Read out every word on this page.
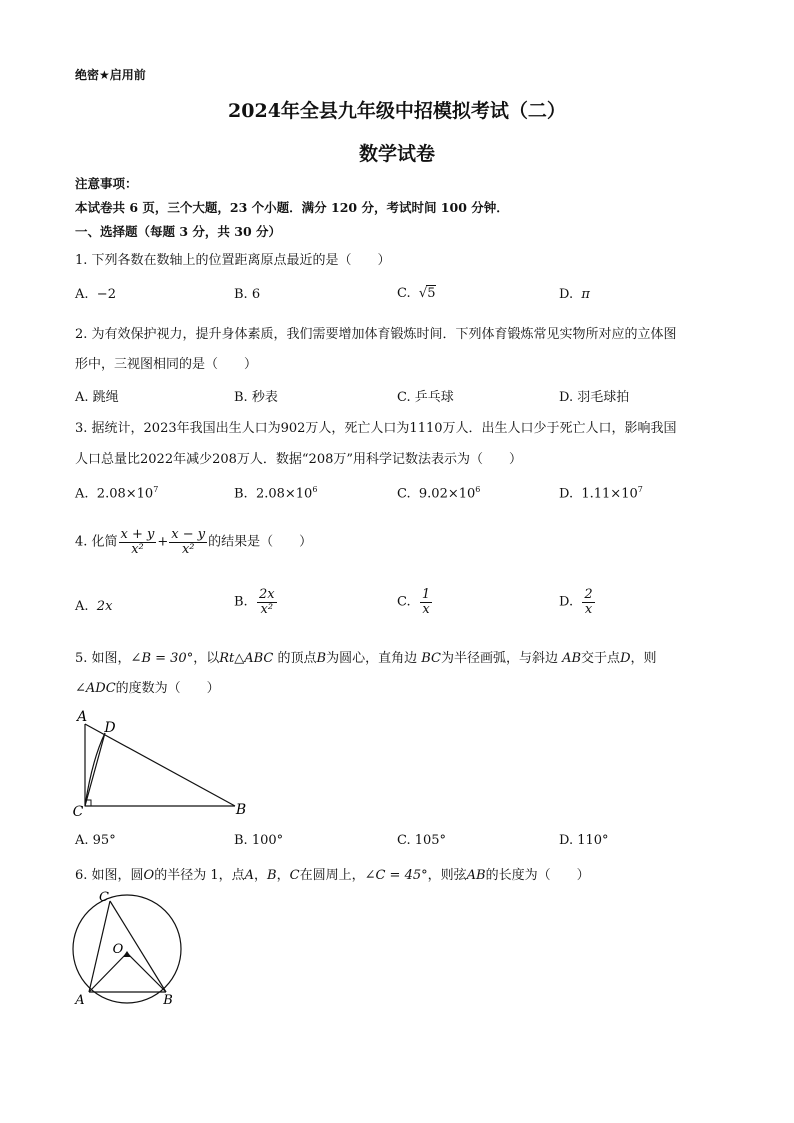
绝密★启用前
2024年全县九年级中招模拟考试（二）
数学试卷
注意事项：
本试卷共 6 页，三个大题，23 个小题．满分 120 分，考试时间 100 分钟．
一、选择题（每题 3 分，共 30 分）
1. 下列各数在数轴上的位置距离原点最近的是（　　）
A. −2	B. 6	C. √5	D. π
2. 为有效保护视力，提升身体素质，我们需要增加体育锻炼时间．下列体育锻炼常见实物所对应的立体图
形中，三视图相同的是（　　）
A. 跳绳	B. 秒表	C. 乒乓球	D. 羽毛球拍
3. 据统计，2023年我国出生人口为902万人，死亡人口为1110万人．出生人口少于死亡人口，影响我国
人口总量比2022年减少208万人．数据“208万”用科学记数法表示为（　　）
A. $2.08\times 10^7$	B. $2.08\times 10^6$	C. $9.02\times 10^6$	D. $1.11\times 10^7$
4. 化简 $\frac{x + y}{\text{x²}} + \frac{x - y}{\text{x²}}$ 的结果是（　　）
A. 2x	B. $\frac{2x}{\text{x²}}$	C. $\frac{1}{x}$	D. $\frac{2}{x}$
5. 如图，∠B = 30°，以Rt△ABC 的顶点B为圆心，直角边 BC为半径画弧，与斜边 AB交于点D，则
∠ADC的度数为（　　）
A
D
C	B
A. 95°	B. 100°	C. 105°	D. 110°
6. 如图，圆O的半径为 1，点A，B，C在圆周上，∠C = 45°，则弦AB的长度为（　　）
C
O
A	B
